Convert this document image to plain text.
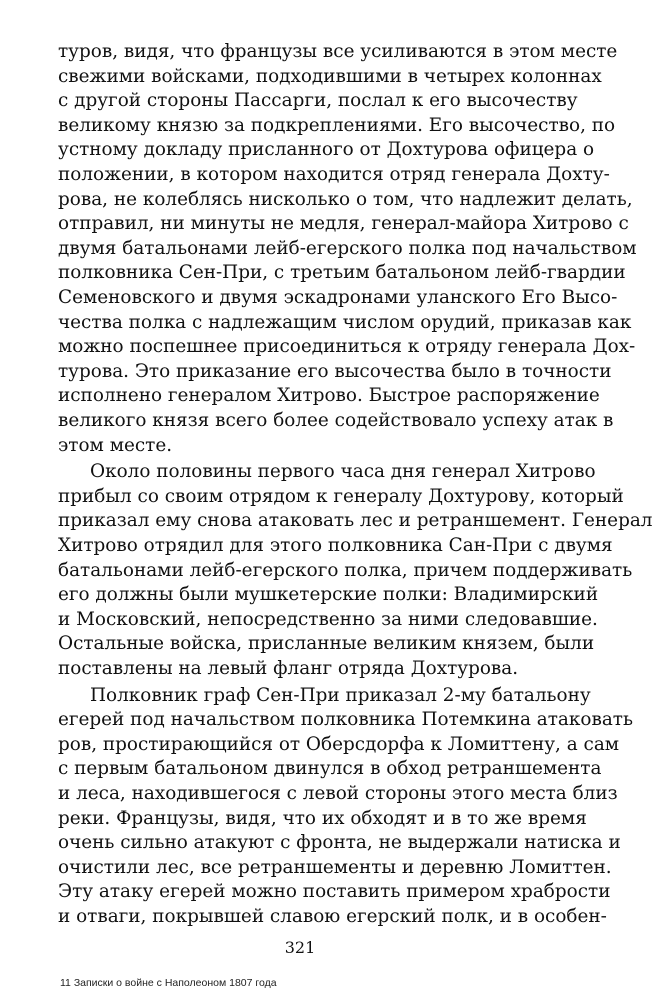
туров, видя, что французы все усиливаются в этом месте
свежими войсками, подходившими в четырех колоннах
с другой стороны Пассарги, послал к его высочеству
великому князю за подкреплениями. Его высочество, по
устному докладу присланного от Дохтурова офицера о
положении, в котором находится отряд генерала Дохту-
рова, не колеблясь нисколько о том, что надлежит делать,
отправил, ни минуты не медля, генерал-майора Хитрово с
двумя батальонами лейб-егерского полка под начальством
полковника Сен-При, с третьим батальоном лейб-гвардии
Семеновского и двумя эскадронами уланского Его Высо-
чества полка с надлежащим числом орудий, приказав как
можно поспешнее присоединиться к отряду генерала Дох-
турова. Это приказание его высочества было в точности
исполнено генералом Хитрово. Быстрое распоряжение
великого князя всего более содействовало успеху атак в
этом месте.
Около половины первого часа дня генерал Хитрово
прибыл со своим отрядом к генералу Дохтурову, который
приказал ему снова атаковать лес и ретраншемент. Генерал
Хитрово отрядил для этого полковника Сан-При с двумя
батальонами лейб-егерского полка, причем поддерживать
его должны были мушкетерские полки: Владимирский
и Московский, непосредственно за ними следовавшие.
Остальные войска, присланные великим князем, были
поставлены на левый фланг отряда Дохтурова.
Полковник граф Сен-При приказал 2-му батальону
егерей под начальством полковника Потемкина атаковать
ров, простирающийся от Оберсдорфа к Ломиттену, а сам
с первым батальоном двинулся в обход ретраншемента
и леса, находившегося с левой стороны этого места близ
реки. Французы, видя, что их обходят и в то же время
очень сильно атакуют с фронта, не выдержали натиска и
очистили лес, все ретраншементы и деревню Ломиттен.
Эту атаку егерей можно поставить примером храбрости
и отваги, покрывшей славою егерский полк, и в особен-
321
11 Записки о войне с Наполеоном 1807 года
